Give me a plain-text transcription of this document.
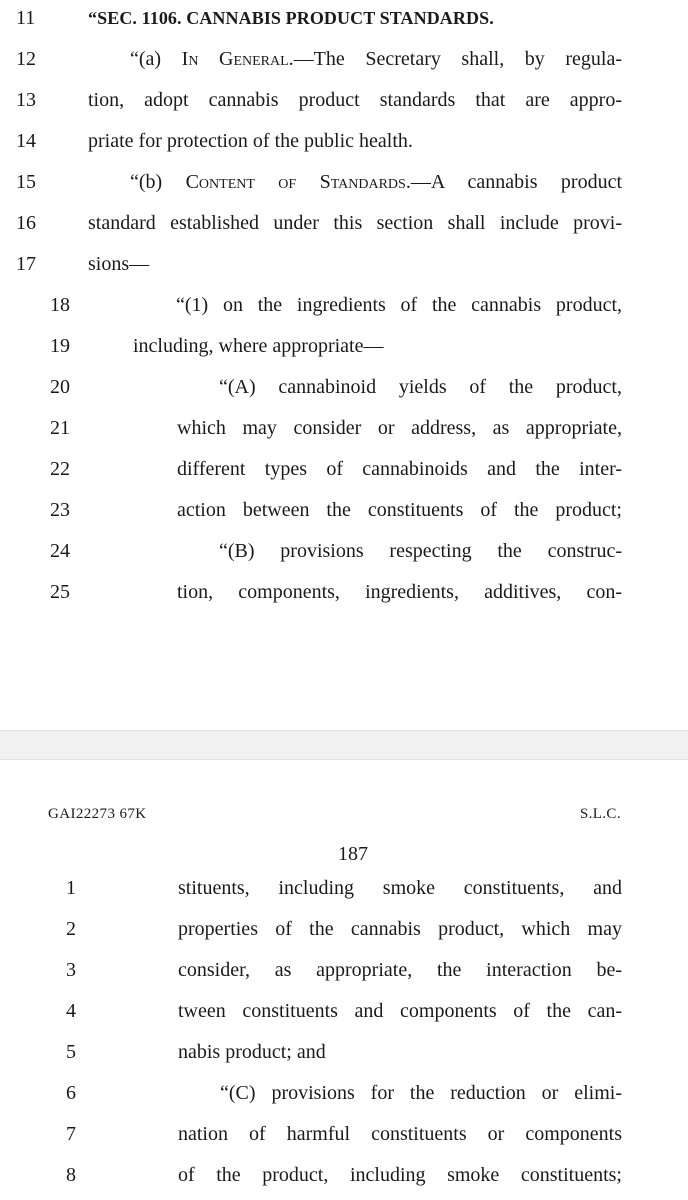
11	“SEC. 1106. CANNABIS PRODUCT STANDARDS.
12	“(a) In General.—The Secretary shall, by regula-
13	tion, adopt cannabis product standards that are appro-
14	priate for protection of the public health.
15	“(b) Content of Standards.—A cannabis product
16	standard established under this section shall include provi-
17	sions—
18	“(1) on the ingredients of the cannabis product,
19	including, where appropriate—
20	“(A) cannabinoid yields of the product,
21	which may consider or address, as appropriate,
22	different types of cannabinoids and the inter-
23	action between the constituents of the product;
24	“(B) provisions respecting the construc-
25	tion, components, ingredients, additives, con-
GAI22273 67K	S.L.C.
187
1	stituents, including smoke constituents, and
2	properties of the cannabis product, which may
3	consider, as appropriate, the interaction be-
4	tween constituents and components of the can-
5	nabis product; and
6	“(C) provisions for the reduction or elimi-
7	nation of harmful constituents or components
8	of the product, including smoke constituents;
